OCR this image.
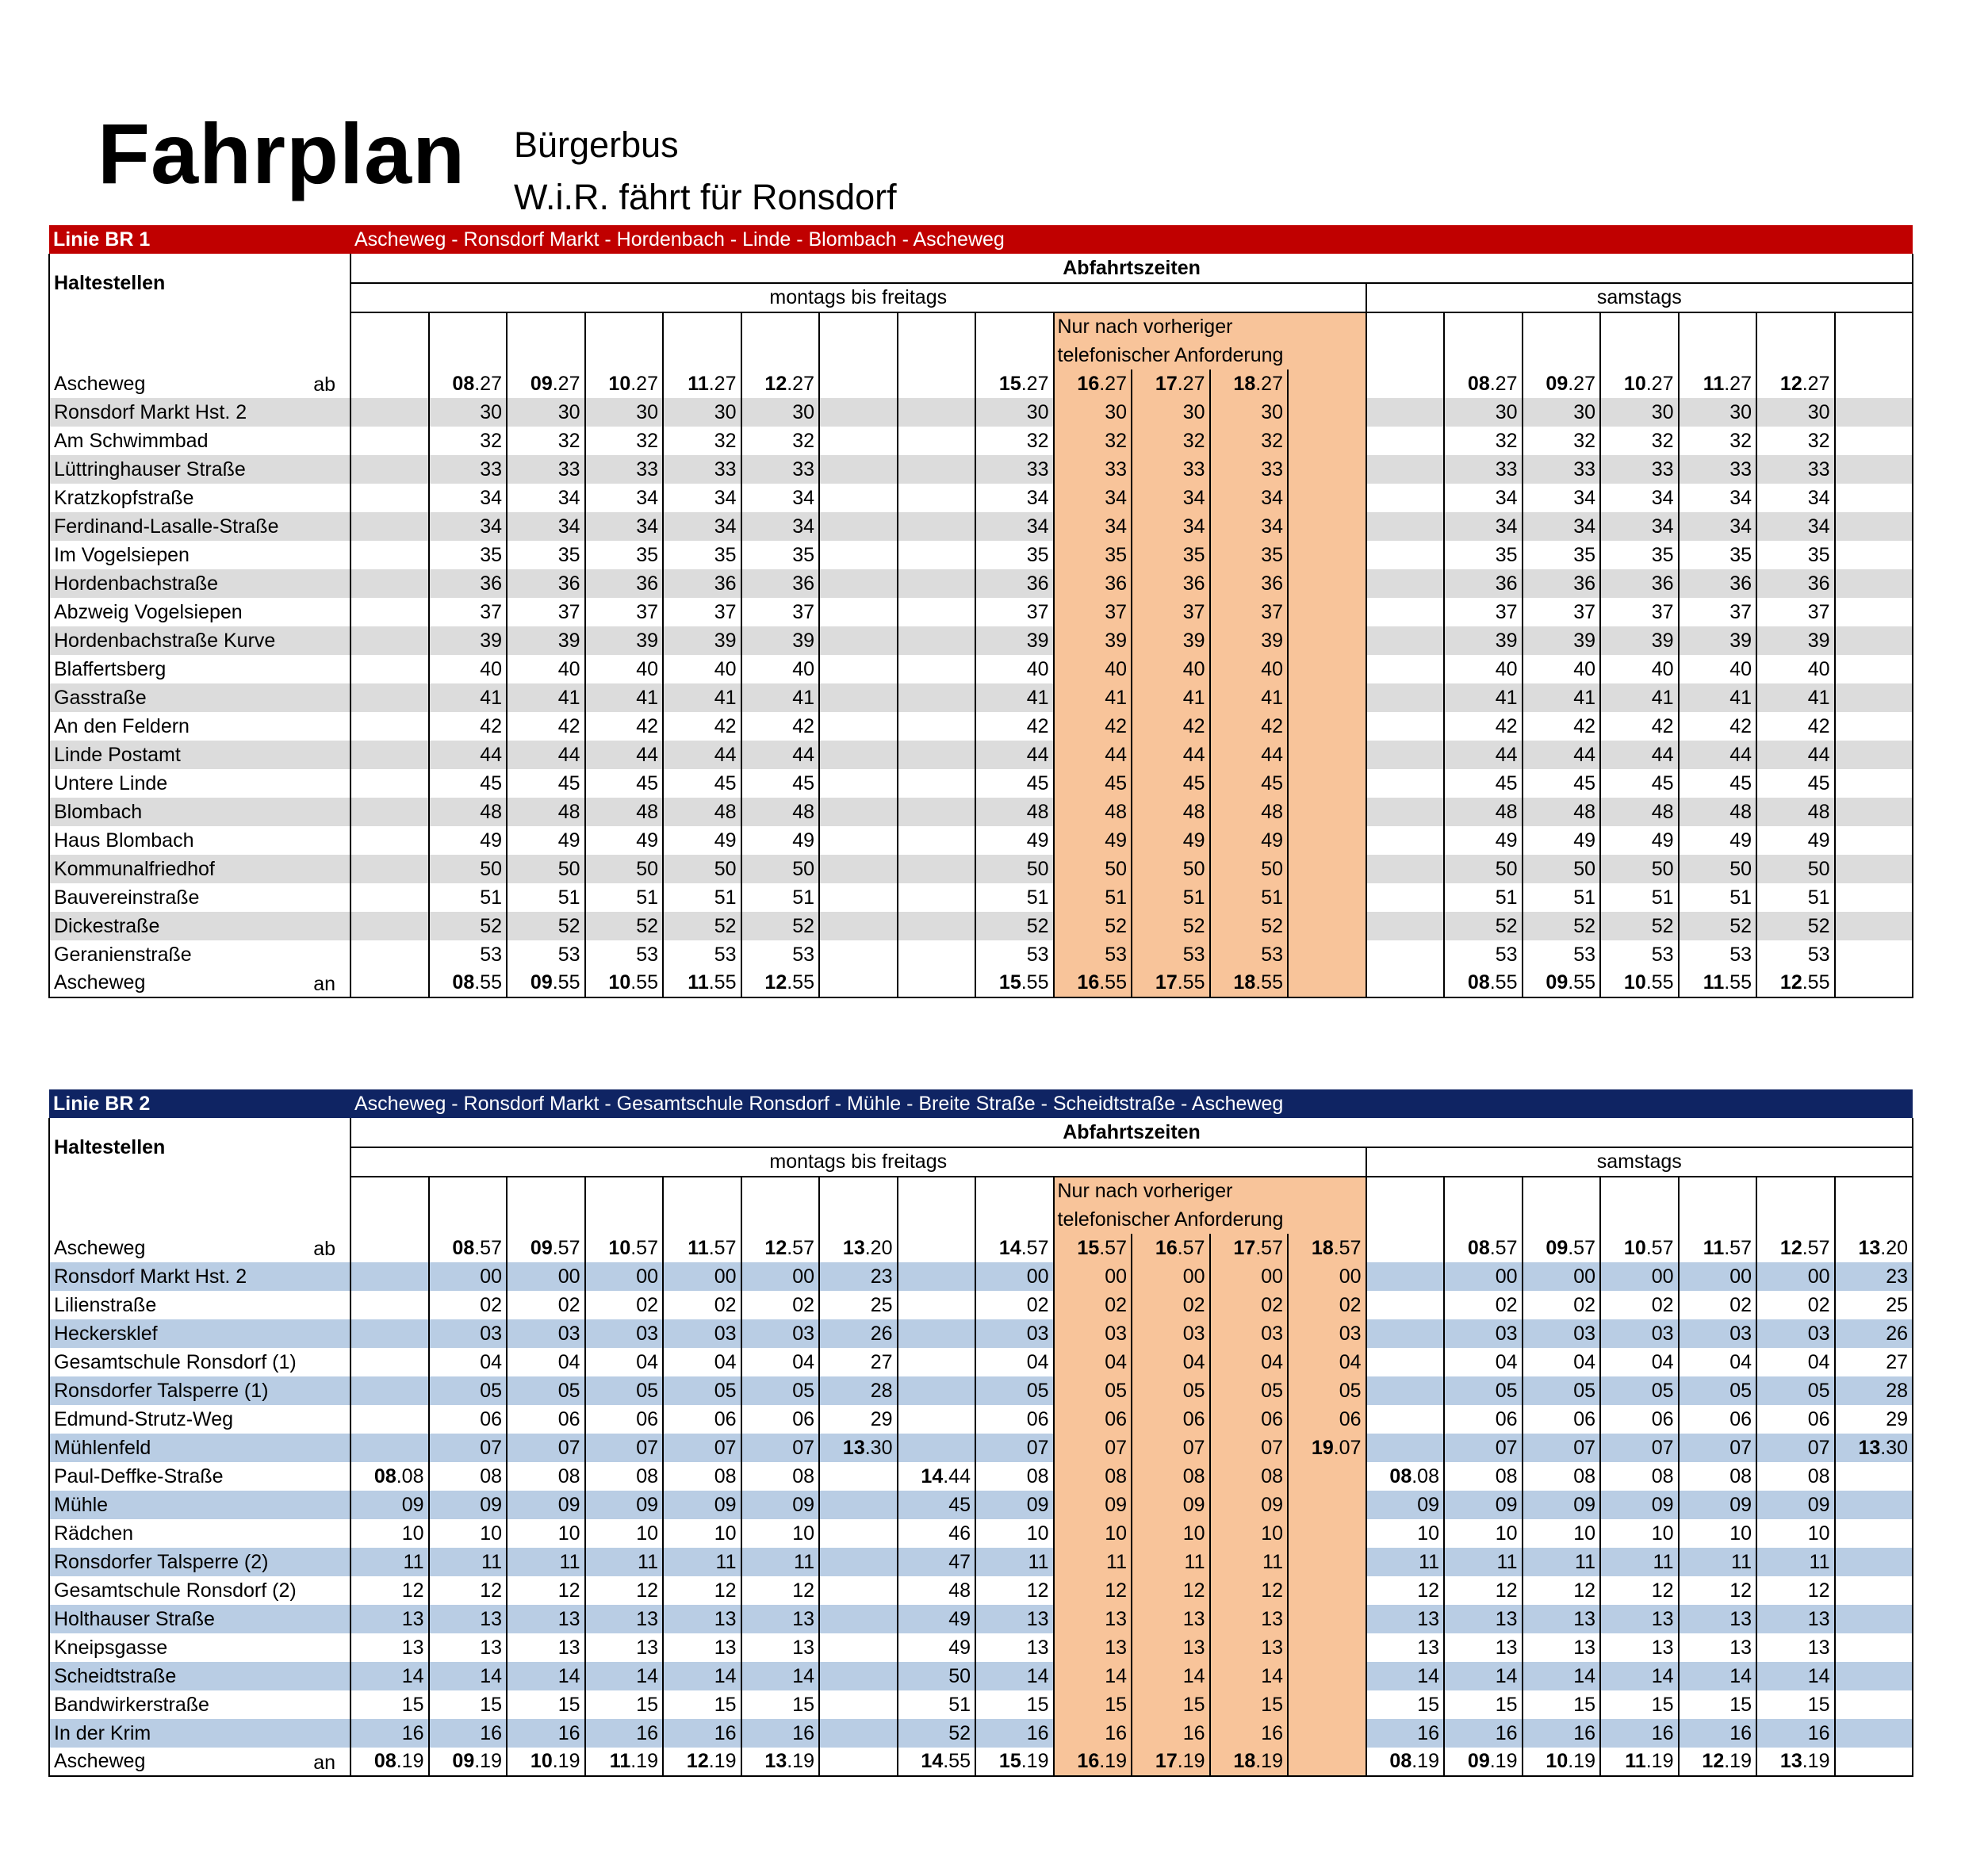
Fahrplan Bürgerbus
W.i.R. fährt für Ronsdorf
Linie BR 1	Ascheweg - Ronsdorf Markt - Hordenbach - Linde - Blombach - Ascheweg																			
Haltestellen	Abfahrtszeiten																			
	montags bis freitags													samstags						
										Nur nach vorheriger										
										telefonischer Anforderung										
Ascheweg ab		08.27	09.27	10.27	11.27	12.27			15.27	16.27	17.27	18.27			08.27	09.27	10.27	11.27	12.27	
Ronsdorf Markt Hst. 2		30	30	30	30	30			30	30	30	30			30	30	30	30	30	
Am Schwimmbad		32	32	32	32	32			32	32	32	32			32	32	32	32	32	
Lüttringhauser Straße		33	33	33	33	33			33	33	33	33			33	33	33	33	33	
Kratzkopfstraße		34	34	34	34	34			34	34	34	34			34	34	34	34	34	
Ferdinand-Lasalle-Straße		34	34	34	34	34			34	34	34	34			34	34	34	34	34	
Im Vogelsiepen		35	35	35	35	35			35	35	35	35			35	35	35	35	35	
Hordenbachstraße		36	36	36	36	36			36	36	36	36			36	36	36	36	36	
Abzweig Vogelsiepen		37	37	37	37	37			37	37	37	37			37	37	37	37	37	
Hordenbachstraße Kurve		39	39	39	39	39			39	39	39	39			39	39	39	39	39	
Blaffertsberg		40	40	40	40	40			40	40	40	40			40	40	40	40	40	
Gasstraße		41	41	41	41	41			41	41	41	41			41	41	41	41	41	
An den Feldern		42	42	42	42	42			42	42	42	42			42	42	42	42	42	
Linde Postamt		44	44	44	44	44			44	44	44	44			44	44	44	44	44	
Untere Linde		45	45	45	45	45			45	45	45	45			45	45	45	45	45	
Blombach		48	48	48	48	48			48	48	48	48			48	48	48	48	48	
Haus Blombach		49	49	49	49	49			49	49	49	49			49	49	49	49	49	
Kommunalfriedhof		50	50	50	50	50			50	50	50	50			50	50	50	50	50	
Bauvereinstraße		51	51	51	51	51			51	51	51	51			51	51	51	51	51	
Dickestraße		52	52	52	52	52			52	52	52	52			52	52	52	52	52	
Geranienstraße		53	53	53	53	53			53	53	53	53			53	53	53	53	53	
Ascheweg an		08.55	09.55	10.55	11.55	12.55			15.55	16.55	17.55	18.55			08.55	09.55	10.55	11.55	12.55	
Linie BR 2	Ascheweg - Ronsdorf Markt - Gesamtschule Ronsdorf - Mühle - Breite Straße - Scheidtstraße - Ascheweg																			
Haltestellen	Abfahrtszeiten																			
	montags bis freitags													samstags						
										Nur nach vorheriger										
										telefonischer Anforderung										
Ascheweg ab		08.57	09.57	10.57	11.57	12.57	13.20		14.57	15.57	16.57	17.57	18.57		08.57	09.57	10.57	11.57	12.57	13.20
Ronsdorf Markt Hst. 2		00	00	00	00	00	23		00	00	00	00	00		00	00	00	00	00	23
Lilienstraße		02	02	02	02	02	25		02	02	02	02	02		02	02	02	02	02	25
Heckersklef		03	03	03	03	03	26		03	03	03	03	03		03	03	03	03	03	26
Gesamtschule Ronsdorf (1)		04	04	04	04	04	27		04	04	04	04	04		04	04	04	04	04	27
Ronsdorfer Talsperre (1)		05	05	05	05	05	28		05	05	05	05	05		05	05	05	05	05	28
Edmund-Strutz-Weg		06	06	06	06	06	29		06	06	06	06	06		06	06	06	06	06	29
Mühlenfeld		07	07	07	07	07	13.30		07	07	07	07	19.07		07	07	07	07	07	13.30
Paul-Deffke-Straße	08.08	08	08	08	08	08		14.44	08	08	08	08		08.08	08	08	08	08	08	
Mühle	09	09	09	09	09	09		45	09	09	09	09		09	09	09	09	09	09	
Rädchen	10	10	10	10	10	10		46	10	10	10	10		10	10	10	10	10	10	
Ronsdorfer Talsperre (2)	11	11	11	11	11	11		47	11	11	11	11		11	11	11	11	11	11	
Gesamtschule Ronsdorf (2)	12	12	12	12	12	12		48	12	12	12	12		12	12	12	12	12	12	
Holthauser Straße	13	13	13	13	13	13		49	13	13	13	13		13	13	13	13	13	13	
Kneipsgasse	13	13	13	13	13	13		49	13	13	13	13		13	13	13	13	13	13	
Scheidtstraße	14	14	14	14	14	14		50	14	14	14	14		14	14	14	14	14	14	
Bandwirkerstraße	15	15	15	15	15	15		51	15	15	15	15		15	15	15	15	15	15	
In der Krim	16	16	16	16	16	16		52	16	16	16	16		16	16	16	16	16	16	
Ascheweg an	08.19	09.19	10.19	11.19	12.19	13.19		14.55	15.19	16.19	17.19	18.19		08.19	09.19	10.19	11.19	12.19	13.19	
